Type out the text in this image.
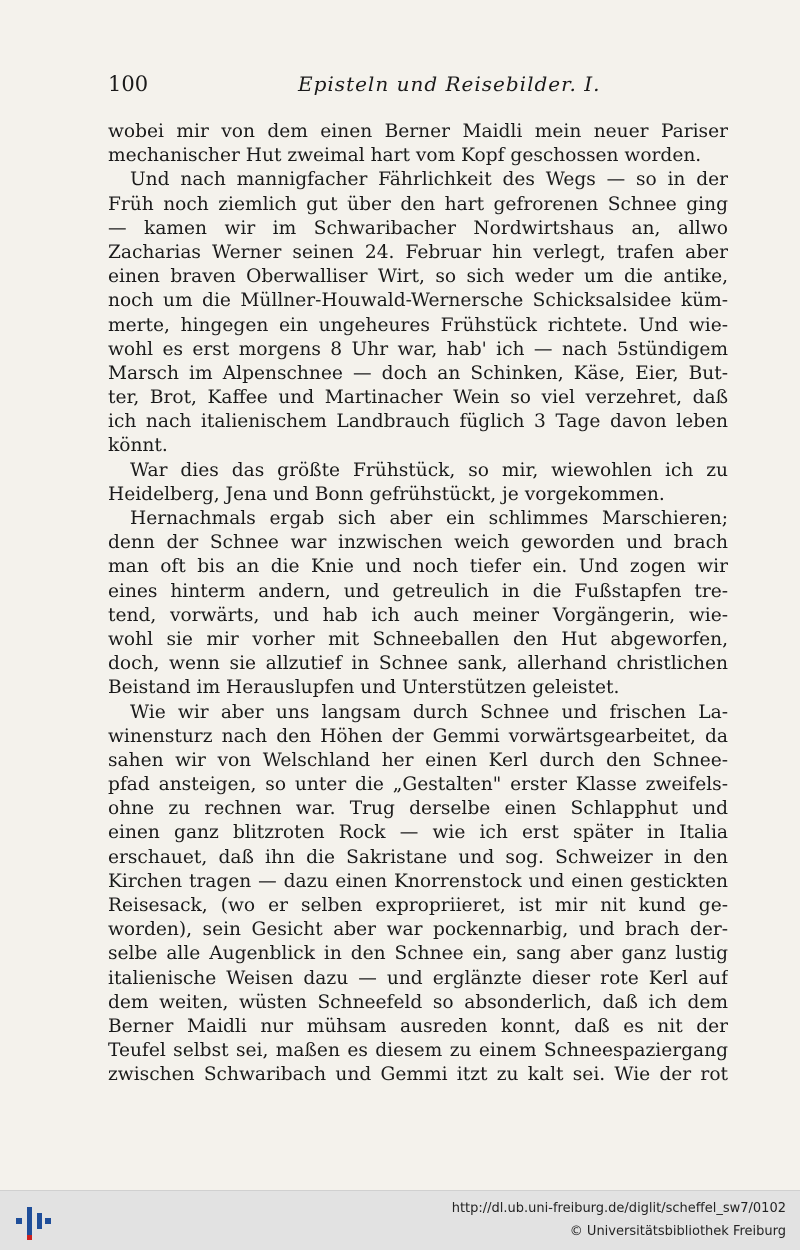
100	Episteln und Reisebilder. I.
wobei mir von dem einen Berner Maidli mein neuer Pariser
mechanischer Hut zweimal hart vom Kopf geschossen worden.
Und nach mannigfacher Fährlichkeit des Wegs — so in der
Früh noch ziemlich gut über den hart gefrorenen Schnee ging
— kamen wir im Schwaribacher Nordwirtshaus an, allwo
Zacharias Werner seinen 24. Februar hin verlegt, trafen aber
einen braven Oberwalliser Wirt, so sich weder um die antike,
noch um die Müllner-Houwald-Wernersche Schicksalsidee küm-
merte, hingegen ein ungeheures Frühstück richtete. Und wie-
wohl es erst morgens 8 Uhr war, hab' ich — nach 5stündigem
Marsch im Alpenschnee — doch an Schinken, Käse, Eier, But-
ter, Brot, Kaffee und Martinacher Wein so viel verzehret, daß
ich nach italienischem Landbrauch füglich 3 Tage davon leben
könnt.
War dies das größte Frühstück, so mir, wiewohlen ich zu
Heidelberg, Jena und Bonn gefrühstückt, je vorgekommen.
Hernachmals ergab sich aber ein schlimmes Marschieren;
denn der Schnee war inzwischen weich geworden und brach
man oft bis an die Knie und noch tiefer ein. Und zogen wir
eines hinterm andern, und getreulich in die Fußstapfen tre-
tend, vorwärts, und hab ich auch meiner Vorgängerin, wie-
wohl sie mir vorher mit Schneeballen den Hut abgeworfen,
doch, wenn sie allzutief in Schnee sank, allerhand christlichen
Beistand im Herauslupfen und Unterstützen geleistet.
Wie wir aber uns langsam durch Schnee und frischen La-
winensturz nach den Höhen der Gemmi vorwärtsgearbeitet, da
sahen wir von Welschland her einen Kerl durch den Schnee-
pfad ansteigen, so unter die „Gestalten" erster Klasse zweifels-
ohne zu rechnen war. Trug derselbe einen Schlapphut und
einen ganz blitzroten Rock — wie ich erst später in Italia
erschauet, daß ihn die Sakristane und sog. Schweizer in den
Kirchen tragen — dazu einen Knorrenstock und einen gestickten
Reisesack, (wo er selben expropriieret, ist mir nit kund ge-
worden), sein Gesicht aber war pockennarbig, und brach der-
selbe alle Augenblick in den Schnee ein, sang aber ganz lustig
italienische Weisen dazu — und erglänzte dieser rote Kerl auf
dem weiten, wüsten Schneefeld so absonderlich, daß ich dem
Berner Maidli nur mühsam ausreden konnt, daß es nit der
Teufel selbst sei, maßen es diesem zu einem Schneespaziergang
zwischen Schwaribach und Gemmi itzt zu kalt sei. Wie der rot
http://dl.ub.uni-freiburg.de/diglit/scheffel_sw7/0102
© Universitätsbibliothek Freiburg
